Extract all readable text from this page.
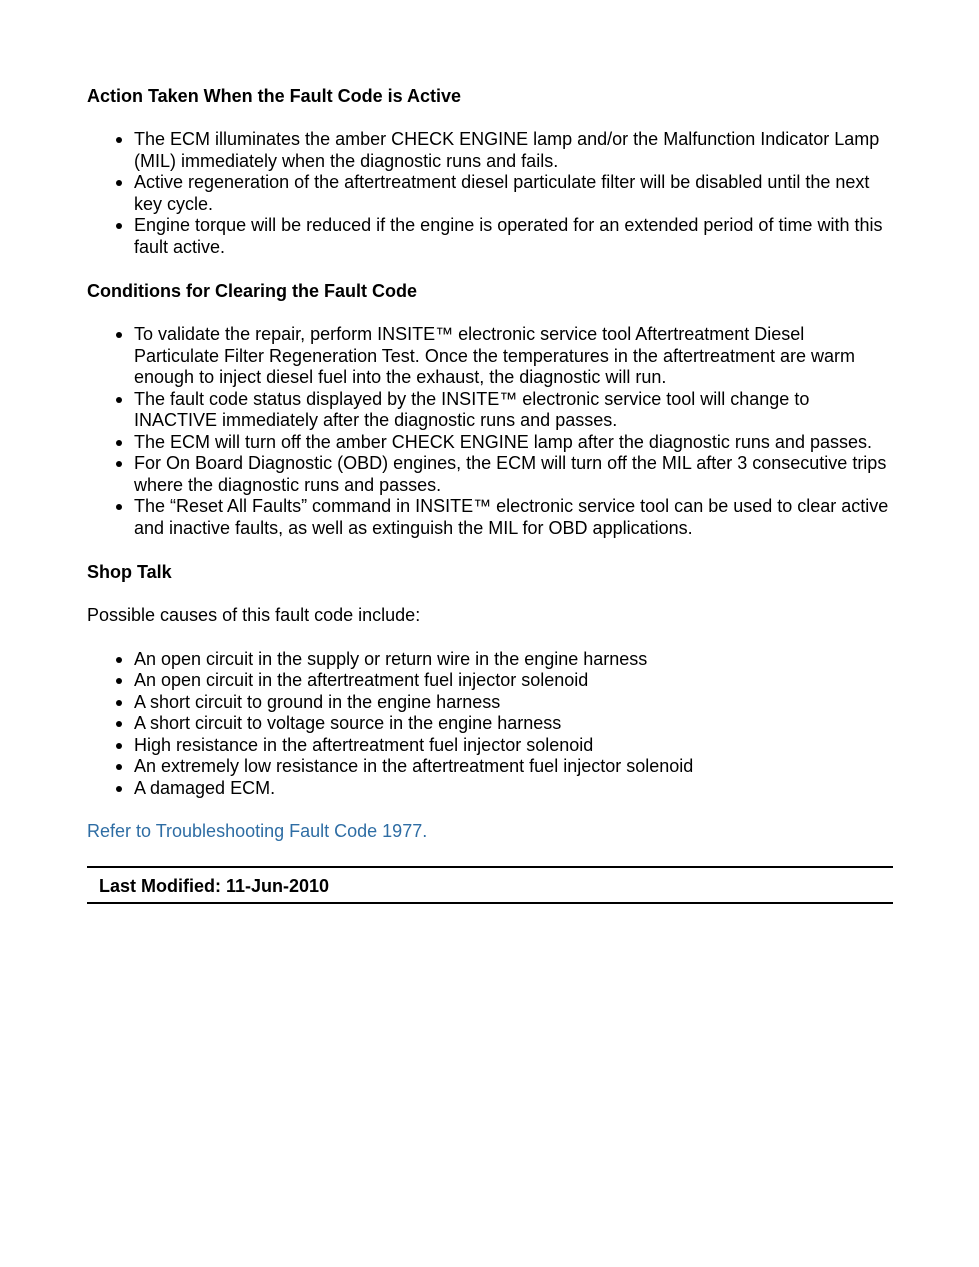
Action Taken When the Fault Code is Active
The ECM illuminates the amber CHECK ENGINE lamp and/or the Malfunction Indicator Lamp (MIL) immediately when the diagnostic runs and fails.
Active regeneration of the aftertreatment diesel particulate filter will be disabled until the next key cycle.
Engine torque will be reduced if the engine is operated for an extended period of time with this fault active.
Conditions for Clearing the Fault Code
To validate the repair, perform INSITE™ electronic service tool Aftertreatment Diesel Particulate Filter Regeneration Test. Once the temperatures in the aftertreatment are warm enough to inject diesel fuel into the exhaust, the diagnostic will run.
The fault code status displayed by the INSITE™ electronic service tool will change to INACTIVE immediately after the diagnostic runs and passes.
The ECM will turn off the amber CHECK ENGINE lamp after the diagnostic runs and passes.
For On Board Diagnostic (OBD) engines, the ECM will turn off the MIL after 3 consecutive trips where the diagnostic runs and passes.
The “Reset All Faults” command in INSITE™ electronic service tool can be used to clear active and inactive faults, as well as extinguish the MIL for OBD applications.
Shop Talk

Possible causes of this fault code include:

An open circuit in the supply or return wire in the engine harness
An open circuit in the aftertreatment fuel injector solenoid
A short circuit to ground in the engine harness
A short circuit to voltage source in the engine harness
High resistance in the aftertreatment fuel injector solenoid
An extremely low resistance in the aftertreatment fuel injector solenoid
A damaged ECM.
Refer to Troubleshooting Fault Code 1977.
Last Modified: 11-Jun-2010
